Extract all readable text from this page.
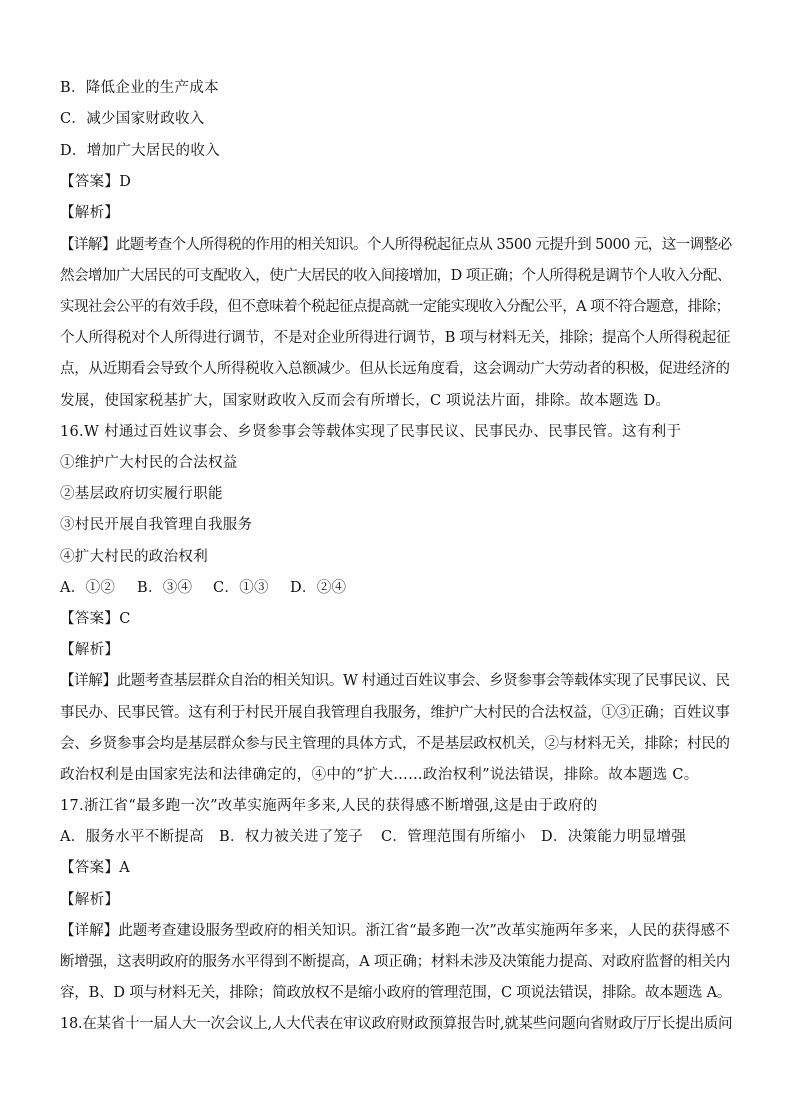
B．降低企业的生产成本
C．减少国家财政收入
D．增加广大居民的收入
【答案】D
【解析】
【详解】此题考查个人所得税的作用的相关知识。个人所得税起征点从 3500 元提升到 5000 元，这一调整必
然会增加广大居民的可支配收入，使广大居民的收入间接增加，D 项正确；个人所得税是调节个人收入分配、
实现社会公平的有效手段，但不意味着个税起征点提高就一定能实现收入分配公平，A 项不符合题意，排除；
个人所得税对个人所得进行调节，不是对企业所得进行调节，B 项与材料无关，排除；提高个人所得税起征
点，从近期看会导致个人所得税收入总额减少。但从长远角度看，这会调动广大劳动者的积极，促进经济的
发展，使国家税基扩大，国家财政收入反而会有所增长，C 项说法片面，排除。故本题选 D。
16.W 村通过百姓议事会、乡贤参事会等载体实现了民事民议、民事民办、民事民管。这有利于
①维护广大村民的合法权益
②基层政府切实履行职能
③村民开展自我管理自我服务
④扩大村民的政治权利
A．①②	B．③④	C．①③	D．②④
【答案】C
【解析】
【详解】此题考查基层群众自治的相关知识。W 村通过百姓议事会、乡贤参事会等载体实现了民事民议、民
事民办、民事民管。这有利于村民开展自我管理自我服务，维护广大村民的合法权益，①③正确；百姓议事
会、乡贤参事会均是基层群众参与民主管理的具体方式，不是基层政权机关，②与材料无关，排除；村民的
政治权利是由国家宪法和法律确定的，④中的“扩大……政治权利”说法错误，排除。故本题选 C。
17.浙江省“最多跑一次”改革实施两年多来,人民的获得感不断增强,这是由于政府的
A．服务水平不断提高	B．权力被关进了笼子	C．管理范围有所缩小	D．决策能力明显增强
【答案】A
【解析】
【详解】此题考查建设服务型政府的相关知识。浙江省“最多跑一次”改革实施两年多来，人民的获得感不
断增强，这表明政府的服务水平得到不断提高，A 项正确；材料未涉及决策能力提高、对政府监督的相关内
容，B、D 项与材料无关，排除；简政放权不是缩小政府的管理范围，C 项说法错误，排除。故本题选 A。
18.在某省十一届人大一次会议上,人大代表在审议政府财政预算报告时,就某些问题向省财政厅厅长提出质问
